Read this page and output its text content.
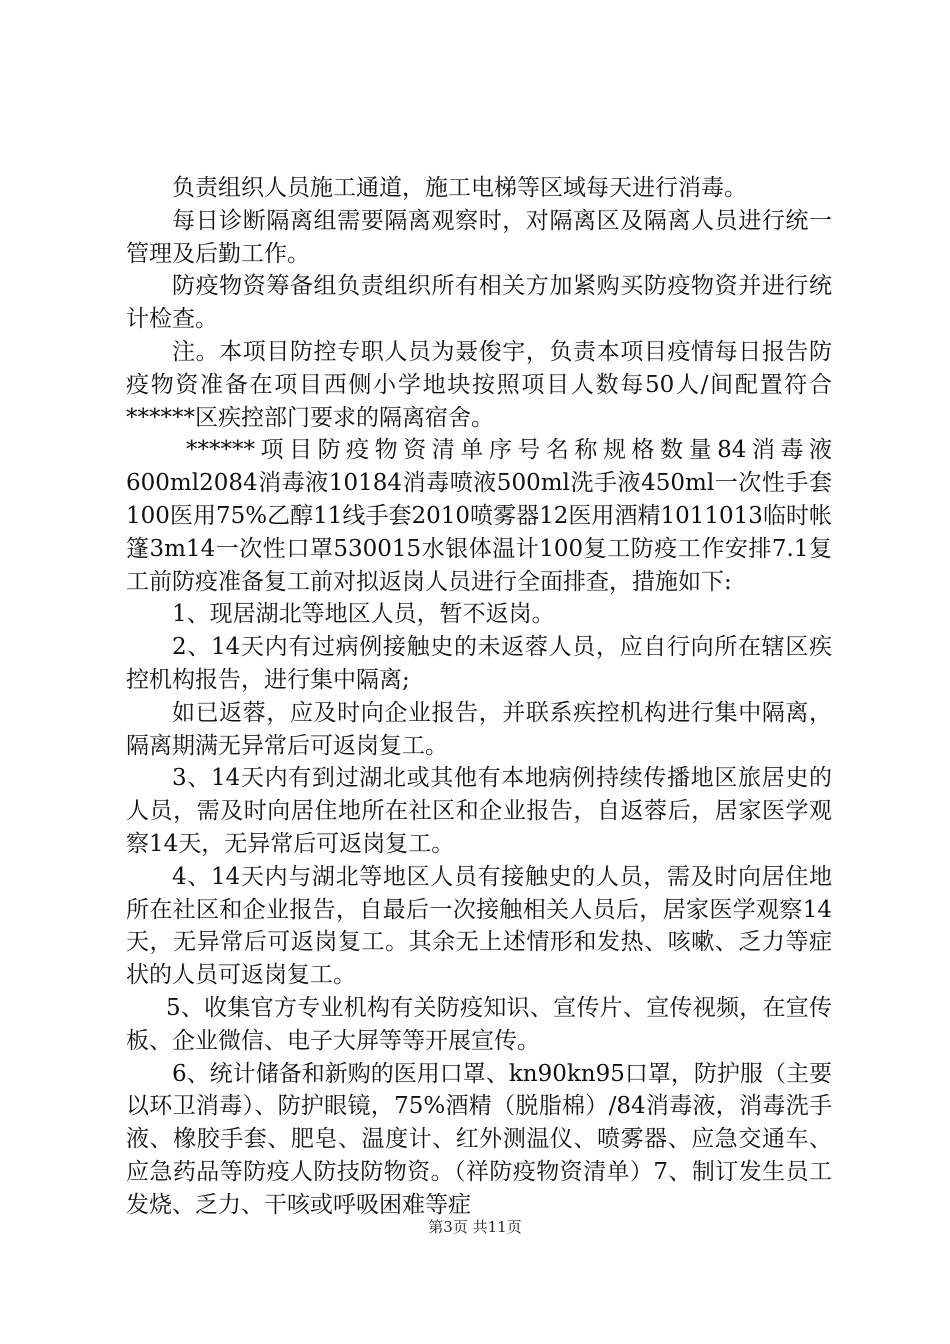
负责组织人员施工通道，施工电梯等区域每天进行消毒。

每日诊断隔离组需要隔离观察时，对隔离区及隔离人员进行统一管理及后勤工作。

防疫物资筹备组负责组织所有相关方加紧购买防疫物资并进行统计检查。

注。本项目防控专职人员为聂俊宇，负责本项目疫情每日报告防疫物资准备在项目西侧小学地块按照项目人数每50人/间配置符合******区疾控部门要求的隔离宿舍。

******项目防疫物资清单序号名称规格数量84消毒液600ml2084消毒液10184消毒喷液500ml洗手液450ml一次性手套100医用75%乙醇11线手套2010喷雾器12医用酒精1011013临时帐篷3m14一次性口罩530015水银体温计100复工防疫工作安排7.1复工前防疫准备复工前对拟返岗人员进行全面排查，措施如下:

1、现居湖北等地区人员，暂不返岗。

2、14天内有过病例接触史的未返蓉人员，应自行向所在辖区疾控机构报告，进行集中隔离;

如已返蓉，应及时向企业报告，并联系疾控机构进行集中隔离，隔离期满无异常后可返岗复工。

3、14天内有到过湖北或其他有本地病例持续传播地区旅居史的人员，需及时向居住地所在社区和企业报告，自返蓉后，居家医学观察14天，无异常后可返岗复工。

4、14天内与湖北等地区人员有接触史的人员，需及时向居住地所在社区和企业报告，自最后一次接触相关人员后，居家医学观察14天，无异常后可返岗复工。其余无上述情形和发热、咳嗽、乏力等症状的人员可返岗复工。

5、收集官方专业机构有关防疫知识、宣传片、宣传视频，在宣传板、企业微信、电子大屏等等开展宣传。

6、统计储备和新购的医用口罩、kn90kn95口罩，防护服（主要以环卫消毒）、防护眼镜，75%酒精（脱脂棉）/84消毒液，消毒洗手液、橡胶手套、肥皂、温度计、红外测温仪、喷雾器、应急交通车、应急药品等防疫人防技防物资。（祥防疫物资清单）7、制订发生员工发烧、乏力、干咳或呼吸困难等症

第3页 共11页
